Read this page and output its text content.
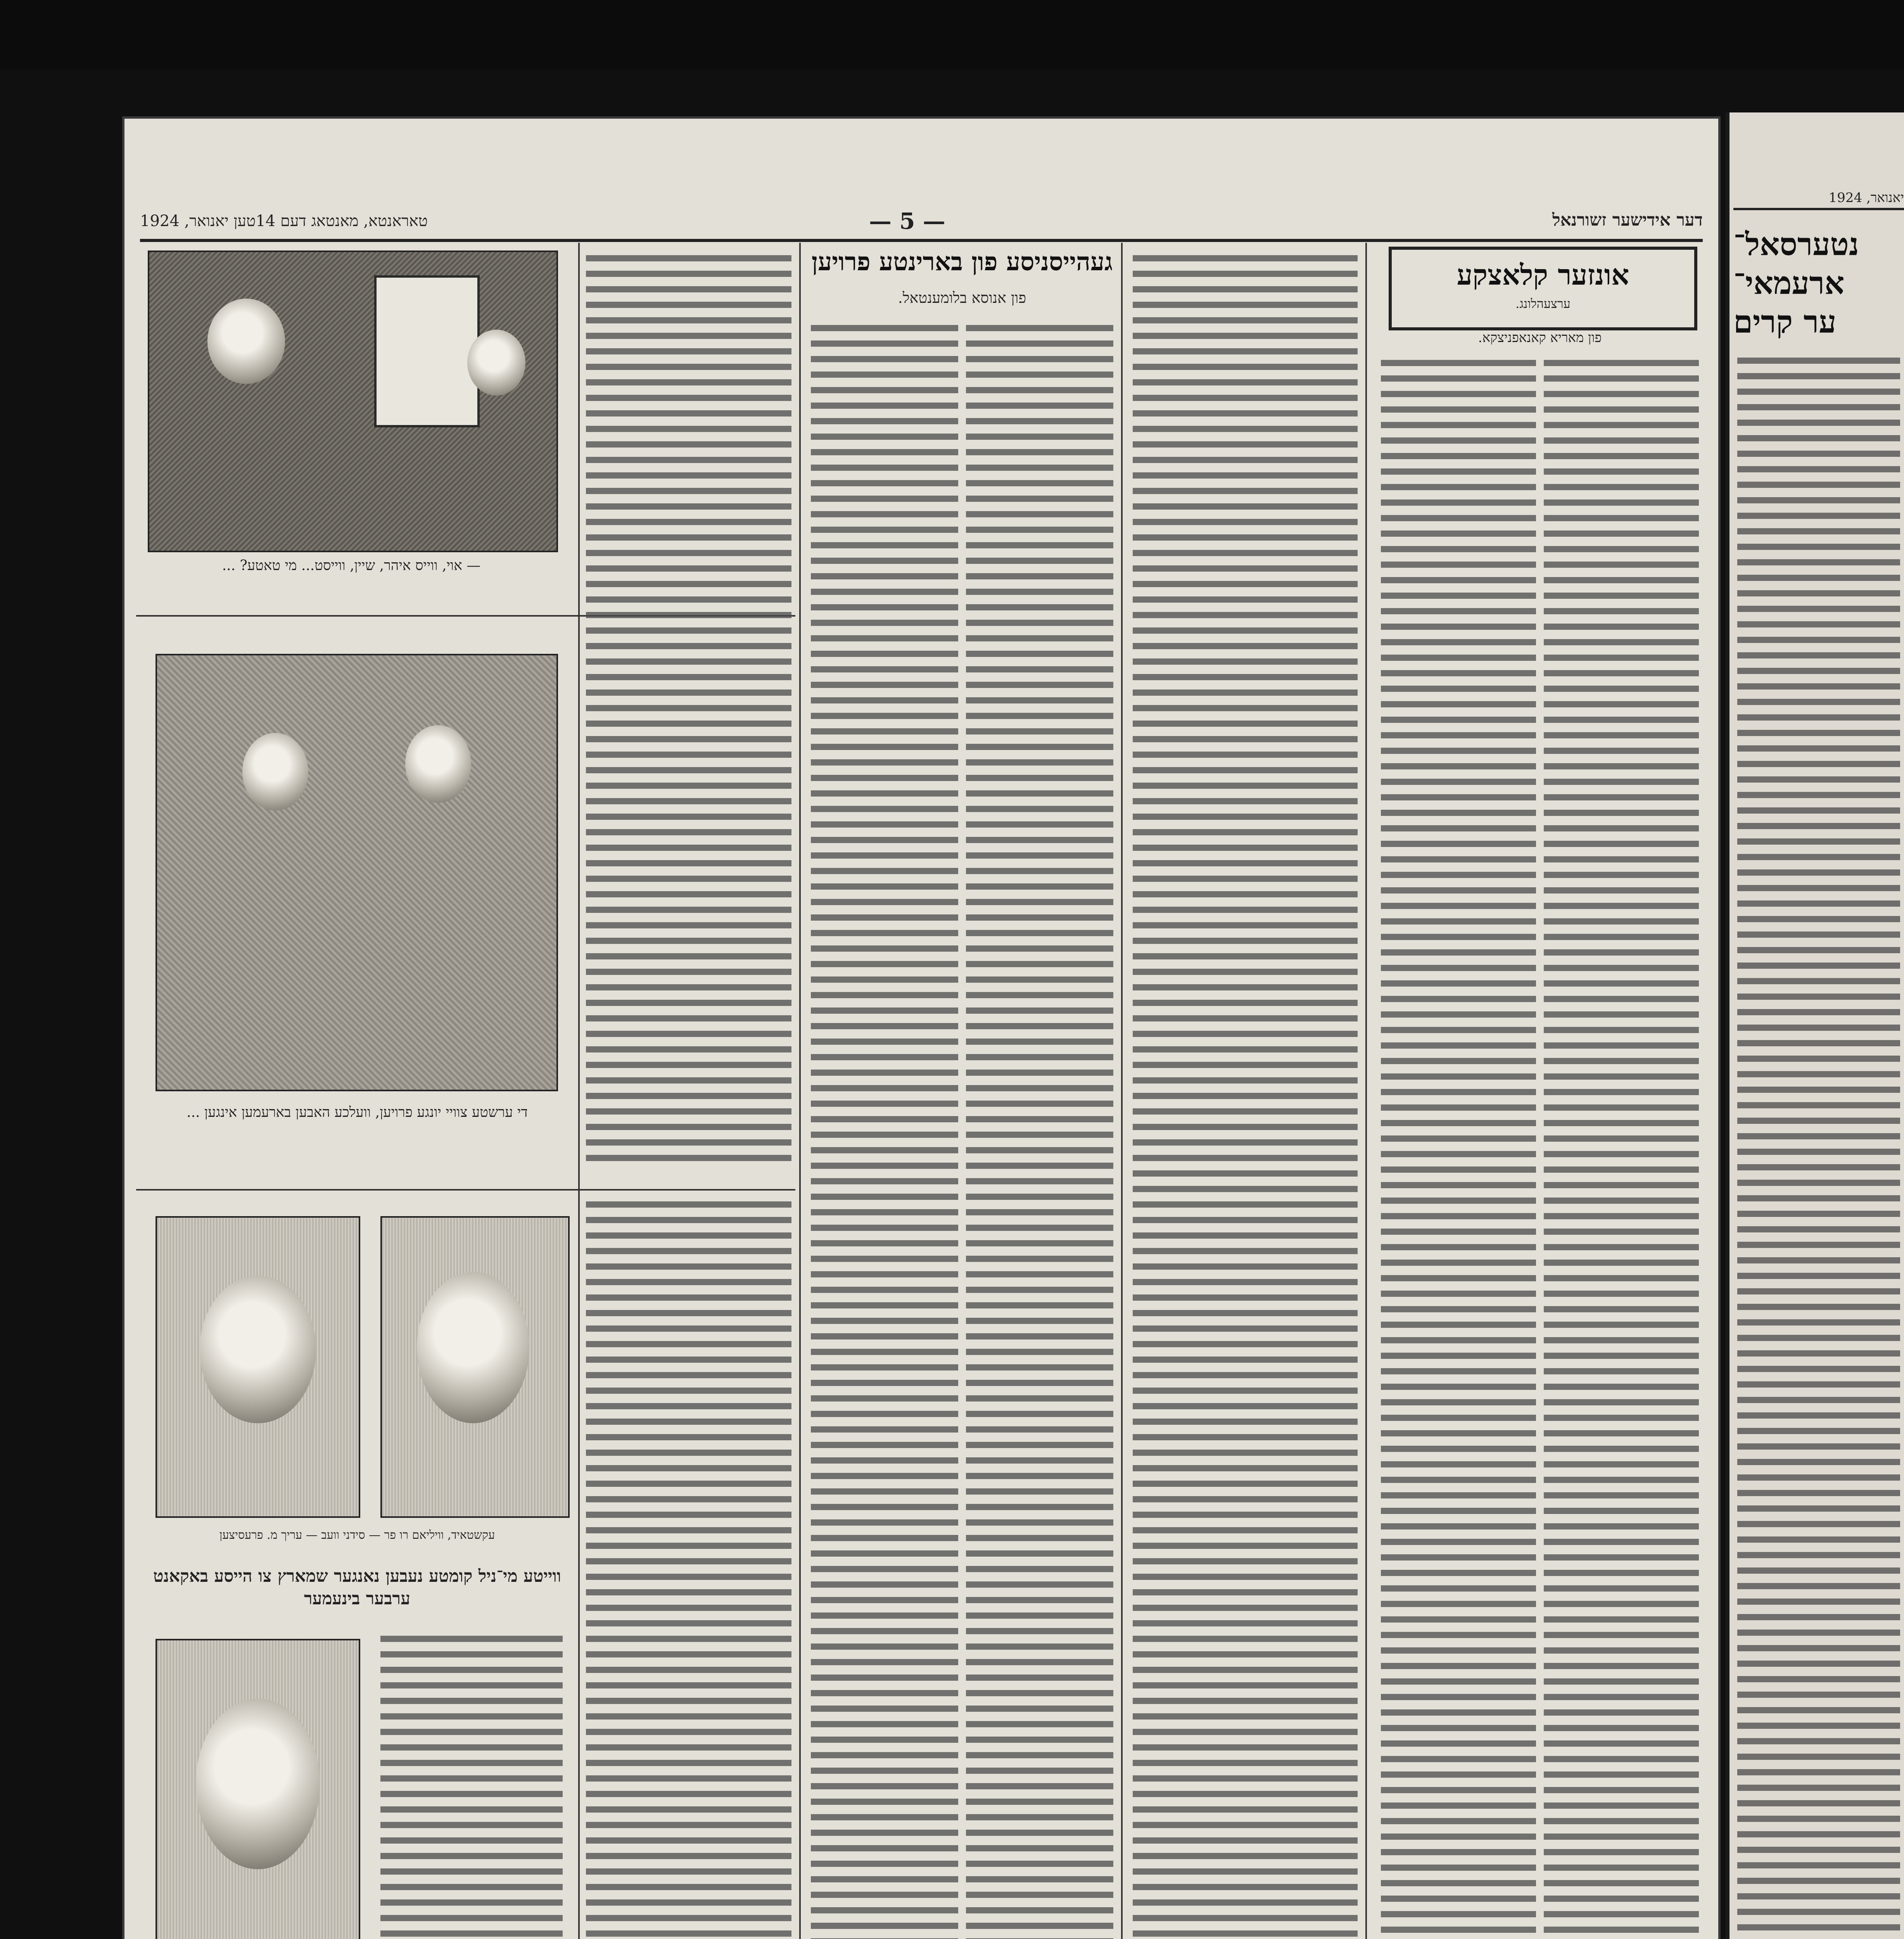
טאראנטא, מאנטאג דעם 14טען יאנואר, 1924	— 5 —	דער אידישער זשורנאל
— אוי, ווייס איהר, שיין, ווייסט... מי טאטע? ...
די ערשטע צוויי יונגע פרויען, וועלכע האבען בארעמען אינגען ...
עקשטאיד, וויליאם רו פר — סידני וועב — עריך מ. פרעסיצען
ווייטע מי־ניל קומטע נעבען נאנגער שמארץ צו הייסע באקאנט ערבער בינעמער
געהייסניסע פון בארינטע פרויען
פון אנוסא בלומענטאל.
אונזער קלאצקע
ערצעהלונג.
פון מאריא קאנאפניצקא.
יאנואר, 1924
נטערסאל־
ארעמאי־
ער קרים
